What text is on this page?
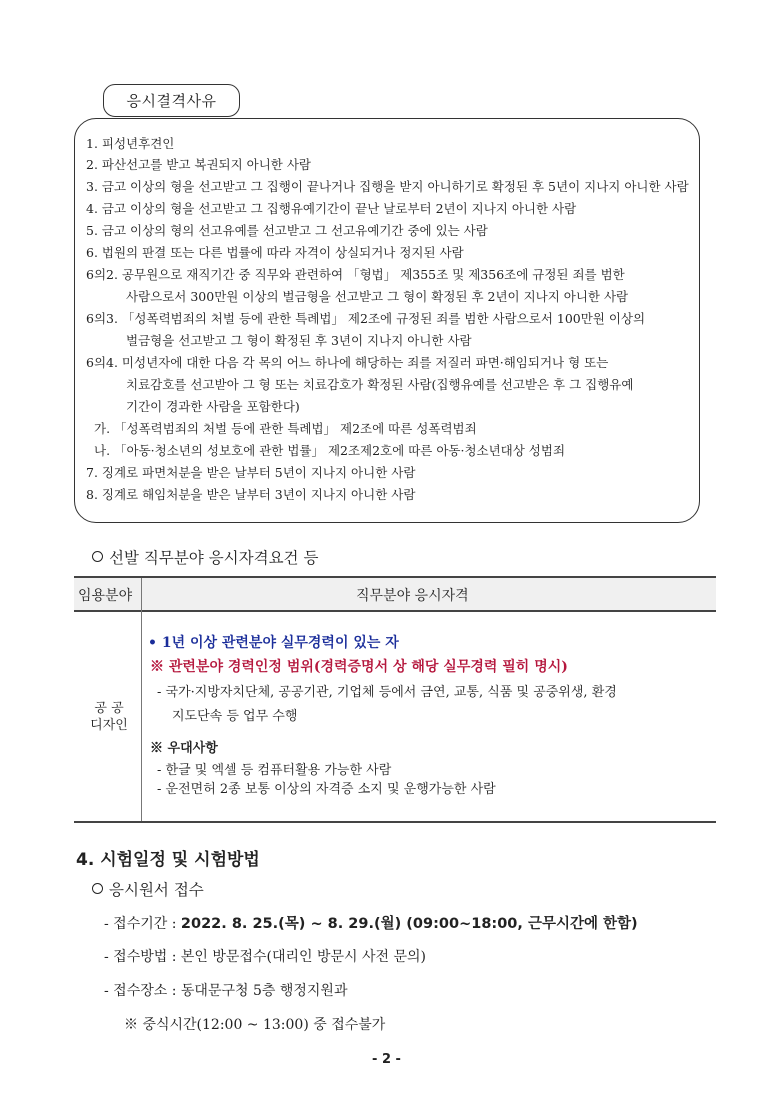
응시결격사유
1. 피성년후견인
2. 파산선고를 받고 복권되지 아니한 사람
3. 금고 이상의 형을 선고받고 그 집행이 끝나거나 집행을 받지 아니하기로 확정된 후 5년이 지나지 아니한 사람
4. 금고 이상의 형을 선고받고 그 집행유예기간이 끝난 날로부터 2년이 지나지 아니한 사람
5. 금고 이상의 형의 선고유예를 선고받고 그 선고유예기간 중에 있는 사람
6. 법원의 판결 또는 다른 법률에 따라 자격이 상실되거나 정지된 사람
6의2. 공무원으로 재직기간 중 직무와 관련하여 「형법」 제355조 및 제356조에 규정된 죄를 범한
사람으로서 300만원 이상의 벌금형을 선고받고 그 형이 확정된 후 2년이 지나지 아니한 사람
6의3. 「성폭력범죄의 처벌 등에 관한 특례법」 제2조에 규정된 죄를 범한 사람으로서 100만원 이상의
벌금형을 선고받고 그 형이 확정된 후 3년이 지나지 아니한 사람
6의4. 미성년자에 대한 다음 각 목의 어느 하나에 해당하는 죄를 저질러 파면·해임되거나 형 또는
치료감호를 선고받아 그 형 또는 치료감호가 확정된 사람(집행유예를 선고받은 후 그 집행유예
기간이 경과한 사람을 포함한다)
가. 「성폭력범죄의 처벌 등에 관한 특례법」 제2조에 따른 성폭력범죄
나. 「아동·청소년의 성보호에 관한 법률」 제2조제2호에 따른 아동·청소년대상 성범죄
7. 징계로 파면처분을 받은 날부터 5년이 지나지 아니한 사람
8. 징계로 해임처분을 받은 날부터 3년이 지나지 아니한 사람
선발 직무분야 응시자격요건 등
임용분야	직무분야 응시자격
공 공
디자인
• 1년 이상 관련분야 실무경력이 있는 자
※ 관련분야 경력인정 범위(경력증명서 상 해당 실무경력 필히 명시)
- 국가·지방자치단체, 공공기관, 기업체 등에서 금연, 교통, 식품 및 공중위생, 환경
지도단속 등 업무 수행
※ 우대사항
- 한글 및 엑셀 등 컴퓨터활용 가능한 사람
- 운전면허 2종 보통 이상의 자격증 소지 및 운행가능한 사람
4. 시험일정 및 시험방법
응시원서 접수
- 접수기간 : 2022. 8. 25.(목) ~ 8. 29.(월) (09:00~18:00, 근무시간에 한함)
- 접수방법 : 본인 방문접수(대리인 방문시 사전 문의)
- 접수장소 : 동대문구청 5층 행정지원과
※ 중식시간(12:00 ~ 13:00) 중 접수불가
- 2 -
